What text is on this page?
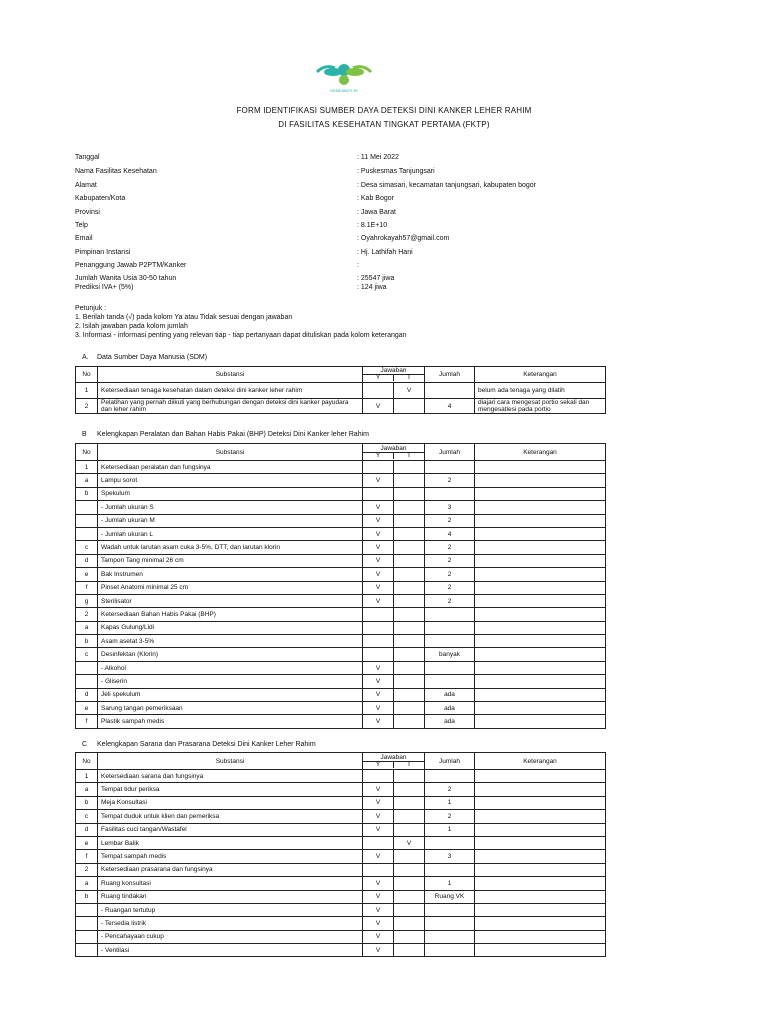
KEMENKES RI
FORM IDENTIFIKASI SUMBER DAYA DETEKSI DINI KANKER LEHER RAHIM
DI FASILITAS KESEHATAN TINGKAT PERTAMA (FKTP)
Tanggal	: 11 Mei 2022
Nama Fasilitas Kesehatan	: Puskesmas Tanjungsari
Alamat	: Desa simasari, kecamatan tanjungsari, kabupaten bogor
Kabupaten/Kota	: Kab Bogor
Provinsi	: Jawa Barat
Telp	: 8.1E+10
Email	: Oyahrokayah57@gmail.com
Pimpinan Instansi	: Hj. Lathifah Hani
Penanggung Jawab P2PTM/Kanker
:
Jumlah Wanita Usia 30-50 tahun	: 25547 jiwa
Prediksi IVA+ (5%)	: 124 jiwa
Petunjuk :
1. Berilah tanda (√) pada kolom Ya atau Tidak sesuai dengan jawaban
2. Isilah jawaban pada kolom jumlah
3. Informasi - informasi penting yang relevan tiap - tiap pertanyaan dapat dituliskan pada kolom keterangan
A. Data Sumber Daya Manusia (SDM)
No	Substansi	Jawaban
Y T		Jumlah	Keterangan
1	Ketersediaan tenaga kesehatan dalam deteksi dini kanker leher rahim		V		belum ada tenaga yang dilatih
2	Pelatihan yang pernah diikuti yang berhubungan dengan deteksi dini kanker payudara dan leher rahim	V		4	diajari cara mengesat portio sekali dan mengesatlesi pada portio
B Kelengkapan Peralatan dan Bahan Habis Pakai (BHP) Deteksi Dini Kanker leher Rahim
No	Substansi	Jawaban
Y T		Jumlah	Keterangan
1	Ketersediaan peralatan dan fungsinya				
a	Lampu sorot	V		2	
b	Spekulum				
	- Jumlah ukuran S	V		3	
	- Jumlah ukuran M	V		2	
	- Jumlah ukuran L	V		4	
c	Wadah untuk larutan asam cuka 3-5%, DTT, dan larutan klorin	V		2	
d	Tampon Tang minimal 26 cm	V		2	
e	Bak Instrumen	V		2	
f	Pinset Anatomi minimal 25 cm	V		2	
g	Sterilisator	V		2	
2	Ketersediaan Bahan Habis Pakai (BHP)				
a	Kapas Gulung/Lidi				
b	Asam asetat 3-5%				
c	Desinfektan (Klorin)			banyak	
	- Alkohol	V			
	- Gliserin	V			
d	Jeli spekulum	V		ada	
e	Sarung tangan pemeriksaan	V		ada	
f	Plastik sampah medis	V		ada	
C Kelengkapan Sarana dan Prasarana Deteksi Dini Kanker Leher Rahim
No	Substansi	Jawaban
Y T		Jumlah	Keterangan
1	Ketersediaan sarana dan fungsinya				
a	Tempat tidur periksa	V		2	
b	Meja Konsultasi	V		1	
c	Tempat duduk untuk klien dan pemeriksa	V		2	
d	Fasilitas cuci tangan/Wastafel	V		1	
e	Lembar Balik		V		
f	Tempat sampah medis	V		3	
2	Ketersediaan prasarana dan fungsinya				
a	Ruang konsultasi	V		1	
b	Ruang tindakan	V		Ruang VK	
	- Ruangan tertutup	V			
	- Tersedia listrik	V			
	- Pencahayaan cukup	V			
	- Ventilasi	V			
